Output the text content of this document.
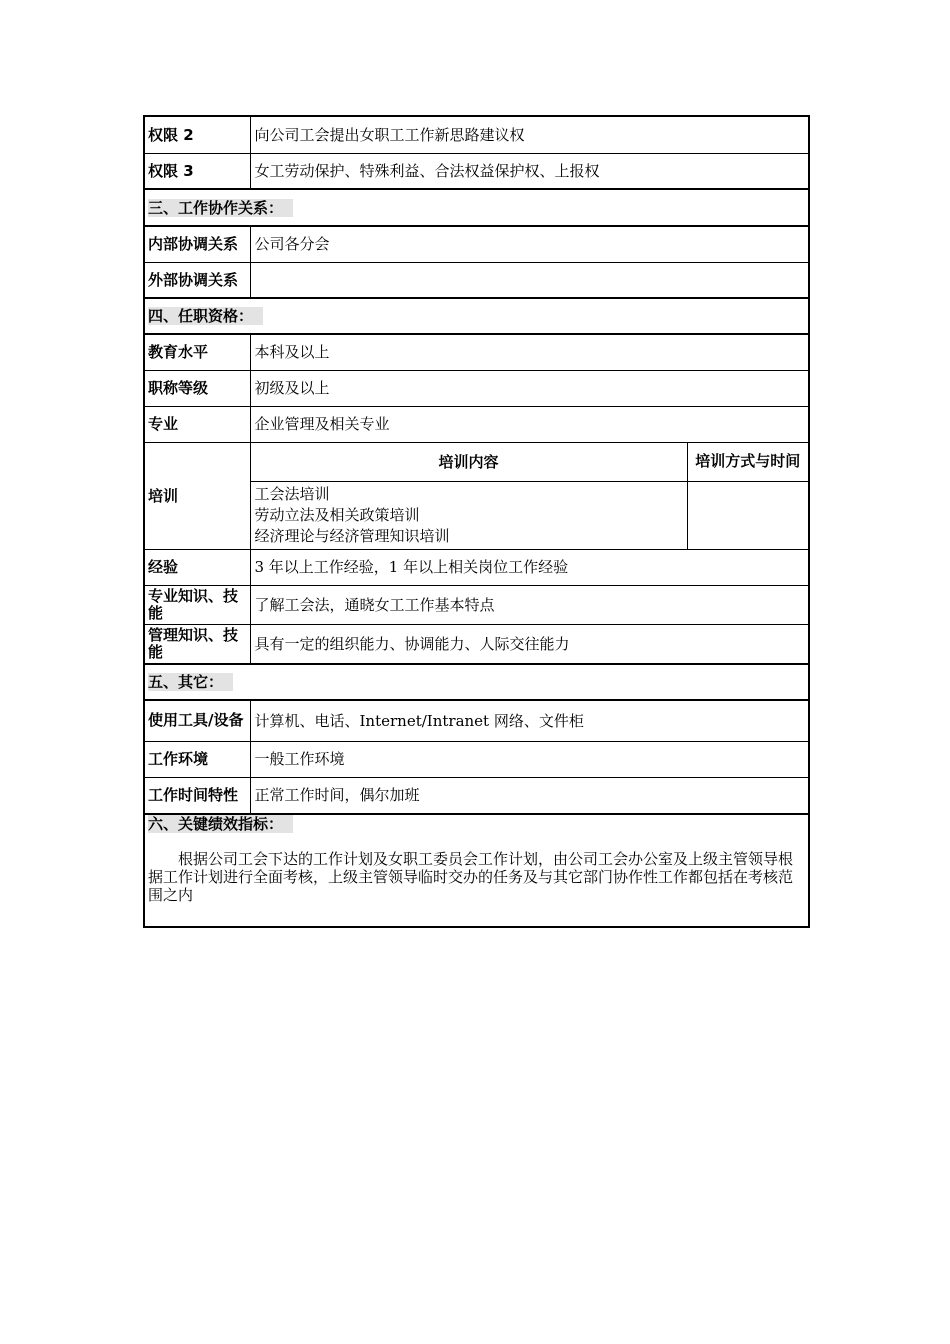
权限 2	向公司工会提出女职工工作新思路建议权	
权限 3	女工劳动保护、特殊利益、合法权益保护权、上报权	
三、工作协作关系：		
内部协调关系	公司各分会	
外部协调关系		
四、任职资格：		
教育水平	本科及以上	
职称等级	初级及以上	
专业	企业管理及相关专业	
培训	培训内容	培训方式与时间

	工会法培训
劳动立法及相关政策培训
经济理论与经济管理知识培训	

经验	3 年以上工作经验，1 年以上相关岗位工作经验	
专业知识、技能	了解工会法，通晓女工工作基本特点	
管理知识、技能	具有一定的组织能力、协调能力、人际交往能力	
五、其它：		
使用工具/设备	计算机、电话、Internet/Intranet 网络、文件柜	
工作环境	一般工作环境	
工作时间特性	正常工作时间，偶尔加班	
六、关键绩效指标：		
根据公司工会下达的工作计划及女职工委员会工作计划，由公司工会办公室及上级主管领导根据工作计划进行全面考核，上级主管领导临时交办的任务及与其它部门协作性工作都包括在考核范围之内		
